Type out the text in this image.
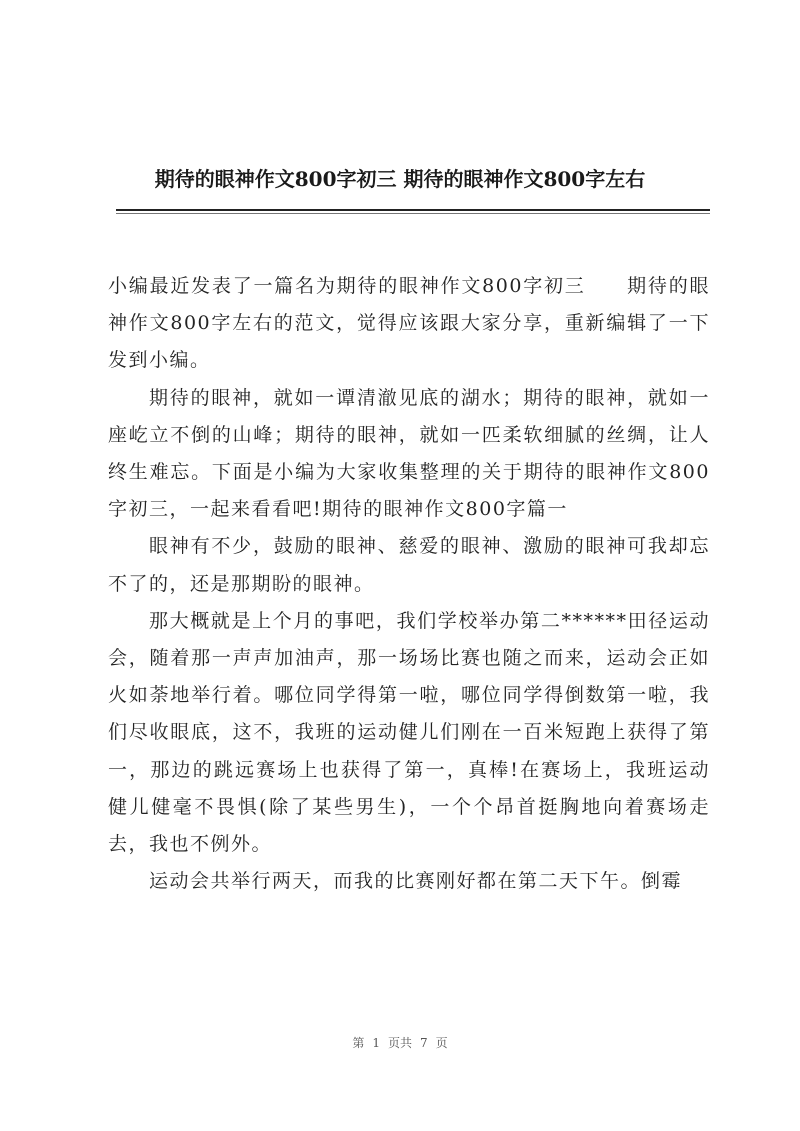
期待的眼神作文800字初三 期待的眼神作文800字左右

小编最近发表了一篇名为期待的眼神作文800字初三　　期待的眼神作文800字左右的范文，觉得应该跟大家分享，重新编辑了一下发到小编。

期待的眼神，就如一谭清澈见底的湖水；期待的眼神，就如一座屹立不倒的山峰；期待的眼神，就如一匹柔软细腻的丝绸，让人终生难忘。下面是小编为大家收集整理的关于期待的眼神作文800字初三，一起来看看吧!期待的眼神作文800字篇一

眼神有不少，鼓励的眼神、慈爱的眼神、激励的眼神可我却忘不了的，还是那期盼的眼神。

那大概就是上个月的事吧，我们学校举办第二******田径运动会，随着那一声声加油声，那一场场比赛也随之而来，运动会正如火如荼地举行着。哪位同学得第一啦，哪位同学得倒数第一啦，我们尽收眼底，这不，我班的运动健儿们刚在一百米短跑上获得了第一，那边的跳远赛场上也获得了第一，真棒!在赛场上，我班运动健儿健毫不畏惧(除了某些男生)，一个个昂首挺胸地向着赛场走去，我也不例外。

运动会共举行两天，而我的比赛刚好都在第二天下午。倒霉

第 1 页共 7 页
